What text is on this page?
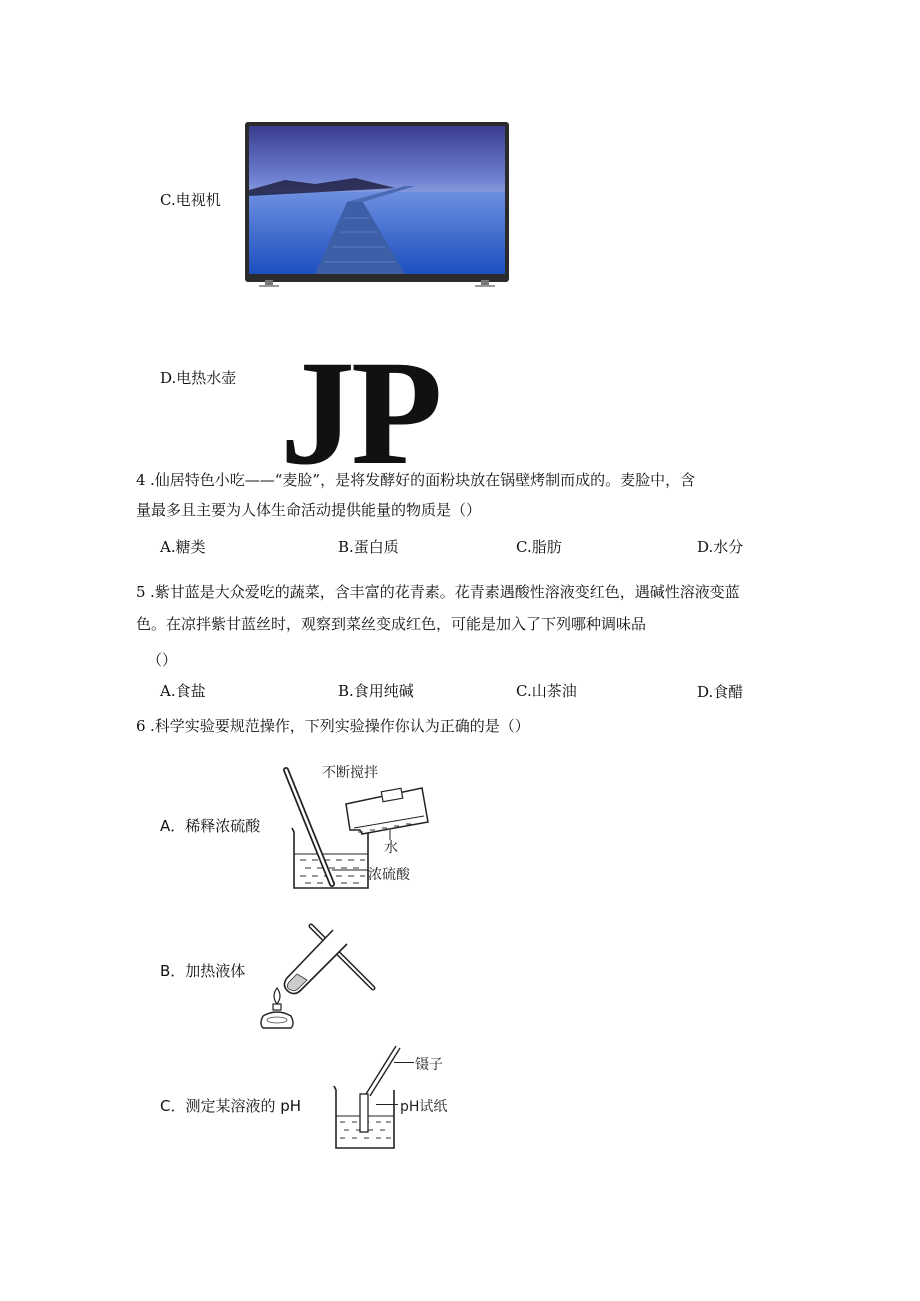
C.电视机
D.电热水壶 JP
4 .仙居特色小吃——“麦脸”，是将发酵好的面粉块放在锅壁烤制而成的。麦脸中，含
量最多且主要为人体生命活动提供能量的物质是（）
A.糖类	B.蛋白质	C.脂肪	D.水分
5 .紫甘蓝是大众爱吃的蔬菜，含丰富的花青素。花青素遇酸性溶液变红色，遇碱性溶液变蓝
色。在凉拌紫甘蓝丝时，观察到菜丝变成红色，可能是加入了下列哪种调味品
（）
A.食盐	B.食用纯碱	C.山茶油	D.食醋
6 .科学实验要规范操作，下列实验操作你认为正确的是（）
A．稀释浓硫酸
不断搅拌
水
浓硫酸
B．加热液体
C．测定某溶液的 pH
镊子
pH试纸
